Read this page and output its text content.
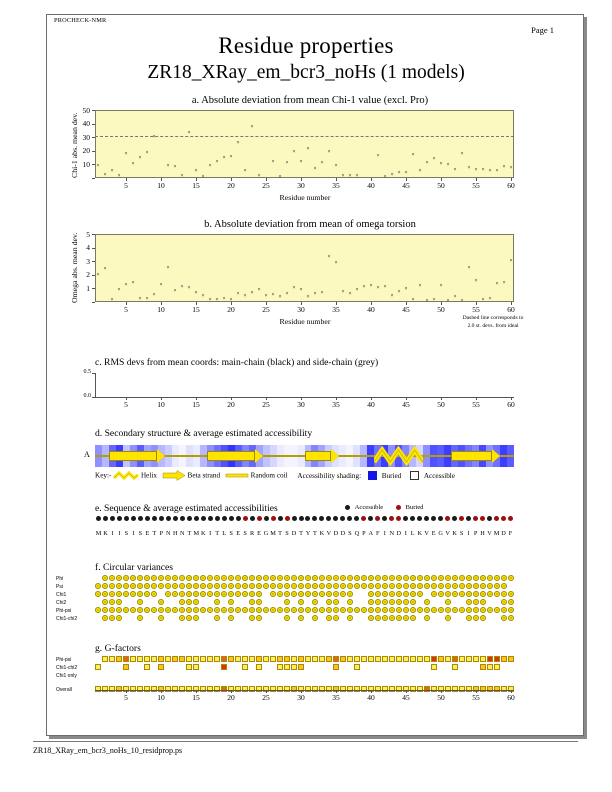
PROCHECK-NMR
Page 1
Residue properties
ZR18_XRay_em_bcr3_noHs (1 models)
a. Absolute deviation from mean Chi-1 value (excl. Pro)
Chi-1 abs. mean dev.
Residue number
10
20
30
40
50
5	10	15	20	25	30	35	40	45	50	55	60
×
×
×
×
×
×
×
×
×
×
×
×
×
×
×
×
×
×
×
×
×
×
×
×
×
×
×
×
×
×
×
×
×
×
×
×
×
×
×
×
×
×
×
×
×
×
×
×
×
×
×
×
×
×
×
×
b. Absolute deviation from mean of omega torsion
Omega abs. mean dev.
Residue number	Dashed line corresponds to
2.0 st. devs. from ideal
1
2
3
4
5
5	10	15	20	25	30	35	40	45	50	55	60
×
×
×
×
×
×
×
×
×
×
×
×
×
×
×
×
×
×
×
×
×
×
×
×
×
×
×
×
×
×
×
×
×
×
×
×
×
×
×
×
×
×
×
×
×
×
×
×
×
×
×
×
×
×
×
×
×
×
×
×
c. RMS devs from mean coords: main-chain (black) and side-chain (grey)
0.5
0.0
5	10	15	20	25	30	35	40	45	50	55	60
d. Secondary structure & average estimated accessibility
A
Key:-	Helix	Beta strand	Random coil Accessibility shading:	Buried	Accessible
e. Sequence & average estimated accessibilities	Accessible	Buried
M K I I S I S E T P N H N T M K I T L S E S R E G M T S D T Y T K V D D S Q P A F I N D I L K V E G V K S I P H V M D F
f. Circular variances
Phi
Psi
Chi1
Chi2
Phi-psi
Chi1-chi2
g. G-factors
Phi-psi
Chi1-chi2
Chi1 only
Overall
5	10	15	20	25	30	35	40	45	50	55	60
ZR18_XRay_em_bcr3_noHs_10_residprop.ps
